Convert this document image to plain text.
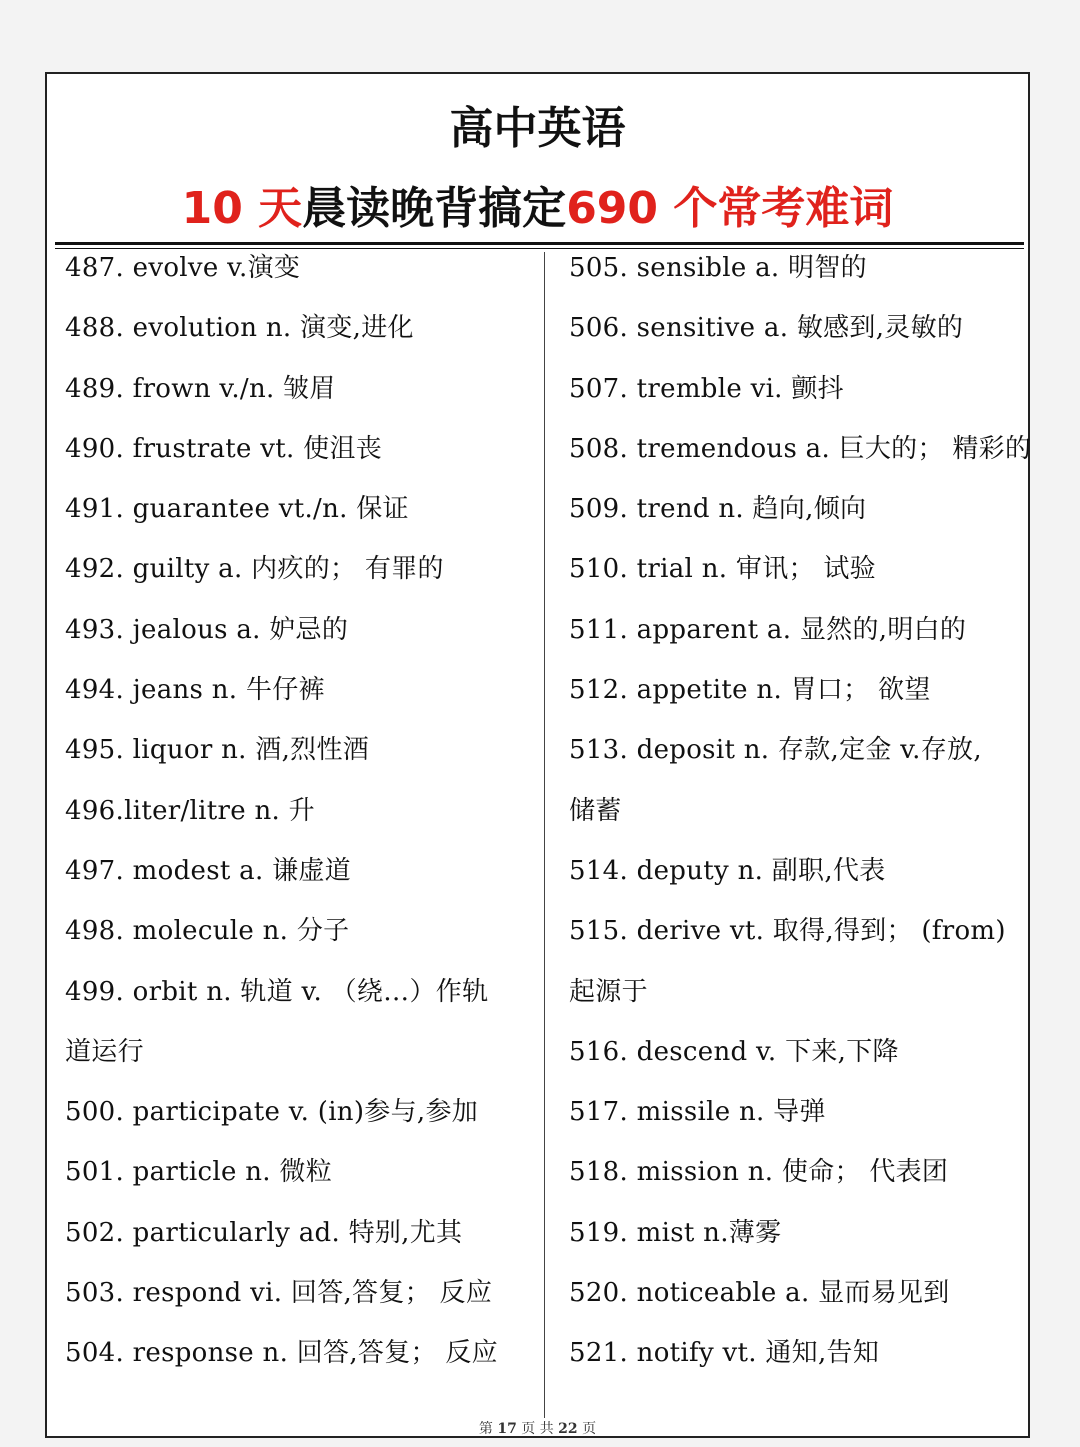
高中英语
10 天晨读晚背搞定690 个常考难词
487. evolve v.演变
488. evolution n. 演变,进化
489. frown v./n. 皱眉
490. frustrate vt. 使沮丧
491. guarantee vt./n. 保证
492. guilty a. 内疚的； 有罪的
493. jealous a. 妒忌的
494. jeans n. 牛仔裤
495. liquor n. 酒,烈性酒
496.liter/litre n. 升
497. modest a. 谦虚道
498. molecule n. 分子
499. orbit n. 轨道 v. （绕…）作轨
道运行
500. participate v. (in)参与,参加
501. particle n. 微粒
502. particularly ad. 特别,尤其
503. respond vi. 回答,答复； 反应
504. response n. 回答,答复； 反应
505. sensible a. 明智的
506. sensitive a. 敏感到,灵敏的
507. tremble vi. 颤抖
508. tremendous a. 巨大的； 精彩的
509. trend n. 趋向,倾向
510. trial n. 审讯； 试验
511. apparent a. 显然的,明白的
512. appetite n. 胃口； 欲望
513. deposit n. 存款,定金 v.存放,
储蓄
514. deputy n. 副职,代表
515. derive vt. 取得,得到； (from)
起源于
516. descend v. 下来,下降
517. missile n. 导弹
518. mission n. 使命； 代表团
519. mist n.薄雾
520. noticeable a. 显而易见到
521. notify vt. 通知,告知
第 17 页 共 22 页
